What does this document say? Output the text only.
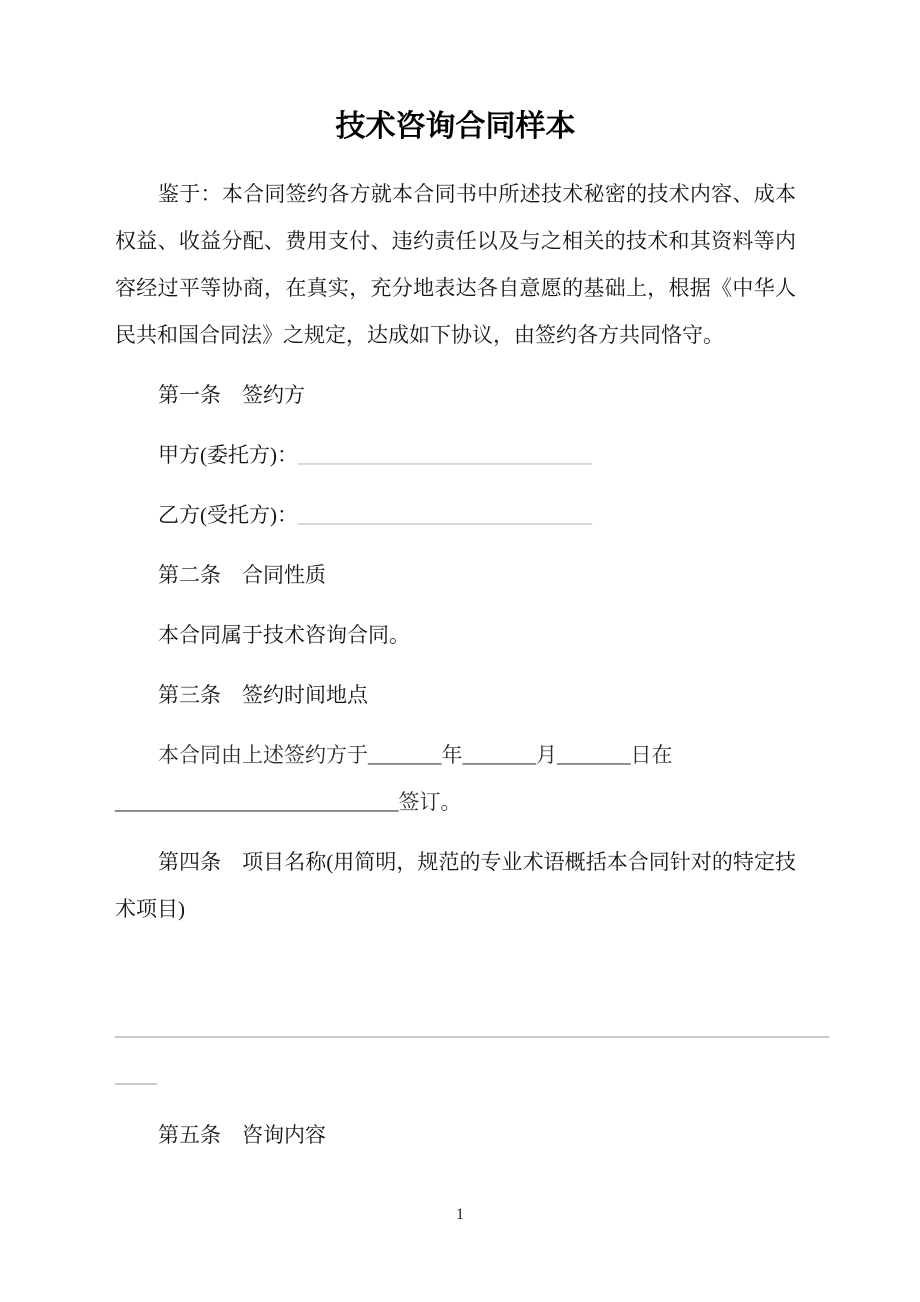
技术咨询合同样本

鉴于：本合同签约各方就本合同书中所述技术秘密的技术内容、成本权益、收益分配、费用支付、违约责任以及与之相关的技术和其资料等内容经过平等协商，在真实，充分地表达各自意愿的基础上，根据《中华人民共和国合同法》之规定，达成如下协议，由签约各方共同恪守。

第一条　签约方

甲方(委托方)：____________________________

乙方(受托方)：____________________________

第二条　合同性质

本合同属于技术咨询合同。

第三条　签约时间地点

本合同由上述签约方于_______年_______月_______日在

___________________________签订。

第四条　项目名称(用简明，规范的专业术语概括本合同针对的特定技术项目)

____________________________________________________________________

____

第五条　咨询内容

1
